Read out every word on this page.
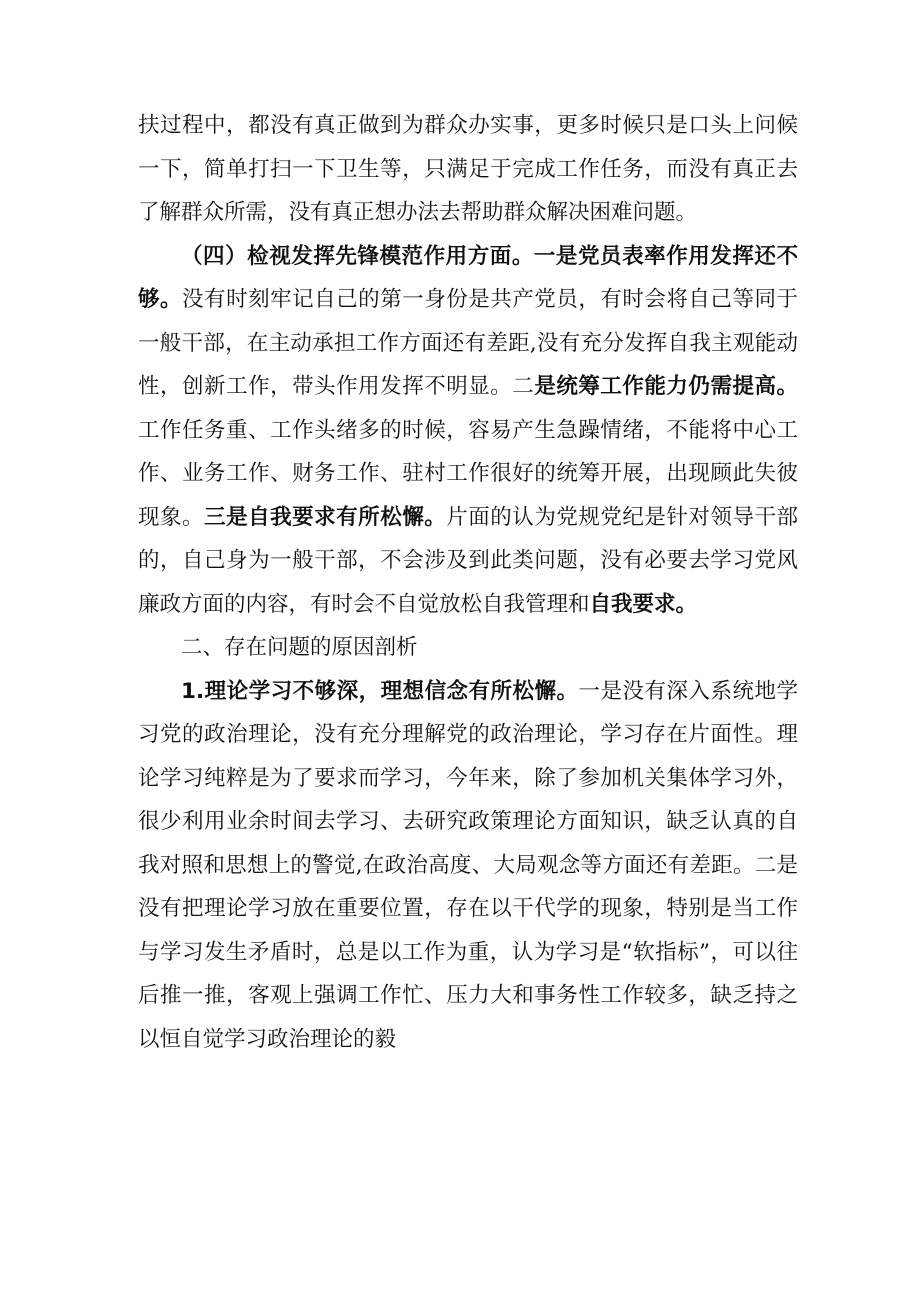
扶过程中，都没有真正做到为群众办实事，更多时候只是口头上问候一下，简单打扫一下卫生等，只满足于完成工作任务，而没有真正去了解群众所需，没有真正想办法去帮助群众解决困难问题。

（四）检视发挥先锋模范作用方面。一是党员表率作用发挥还不够。没有时刻牢记自己的第一身份是共产党员，有时会将自己等同于一般干部，在主动承担工作方面还有差距,没有充分发挥自我主观能动性，创新工作，带头作用发挥不明显。二是统筹工作能力仍需提高。工作任务重、工作头绪多的时候，容易产生急躁情绪，不能将中心工作、业务工作、财务工作、驻村工作很好的统筹开展，出现顾此失彼现象。三是自我要求有所松懈。片面的认为党规党纪是针对领导干部的，自己身为一般干部，不会涉及到此类问题，没有必要去学习党风廉政方面的内容，有时会不自觉放松自我管理和自我要求。

二、存在问题的原因剖析

1.理论学习不够深，理想信念有所松懈。一是没有深入系统地学习党的政治理论，没有充分理解党的政治理论，学习存在片面性。理论学习纯粹是为了要求而学习，今年来，除了参加机关集体学习外，很少利用业余时间去学习、去研究政策理论方面知识，缺乏认真的自我对照和思想上的警觉,在政治高度、大局观念等方面还有差距。二是没有把理论学习放在重要位置，存在以干代学的现象，特别是当工作与学习发生矛盾时，总是以工作为重，认为学习是“软指标”，可以往后推一推，客观上强调工作忙、压力大和事务性工作较多，缺乏持之以恒自觉学习政治理论的毅
